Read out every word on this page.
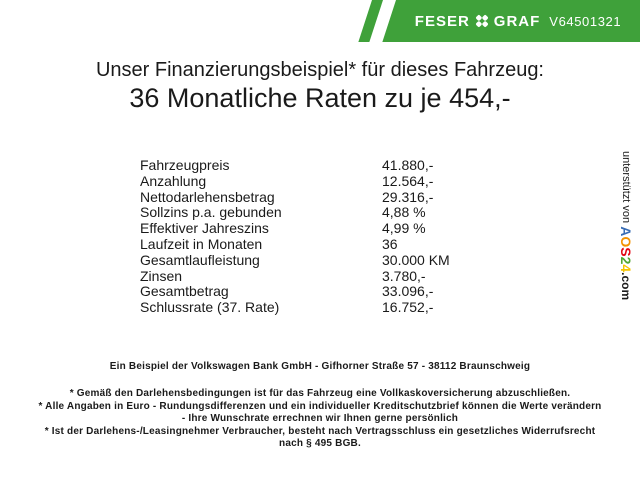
FESER GRAF V64501321
Unser Finanzierungsbeispiel* für dieses Fahrzeug:
36 Monatliche Raten zu je 454,-
Fahrzeugpreis	41.880,-
Anzahlung	12.564,-
Nettodarlehensbetrag	29.316,-
Sollzins p.a. gebunden	4,88 %
Effektiver Jahreszins	4,99 %
Laufzeit in Monaten	36
Gesamtlaufleistung	30.000 KM
Zinsen	3.780,-
Gesamtbetrag	33.096,-
Schlussrate (37. Rate)	16.752,-
Ein Beispiel der Volkswagen Bank GmbH - Gifhorner Straße 57 - 38112 Braunschweig
* Gemäß den Darlehensbedingungen ist für das Fahrzeug eine Vollkaskoversicherung abzuschließen.
* Alle Angaben in Euro - Rundungsdifferenzen und ein individueller Kreditschutzbrief können die Werte verändern
- Ihre Wunschrate errechnen wir Ihnen gerne persönlich
* Ist der Darlehens-/Leasingnehmer Verbraucher, besteht nach Vertragsschluss ein gesetzliches Widerrufsrecht
nach § 495 BGB.
unterstützt von AOS24.com
